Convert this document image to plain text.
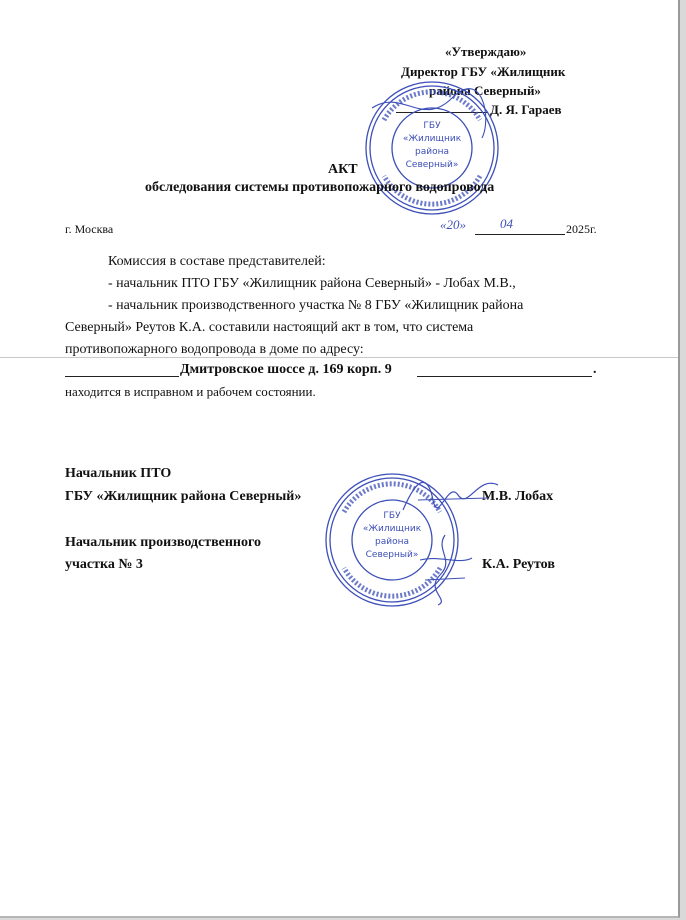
«Утверждаю»
Директор ГБУ «Жилищник
района Северный»
Д. Я. Гараев
ГБУ
«Жилищник
района
Северный»
АКТ
обследования системы противопожарного водопровода
г. Москва	«20»	04	2025г.
Комиссия в составе представителей:
- начальник ПТО ГБУ «Жилищник района Северный» - Лобах М.В.,
- начальник производственного участка № 8 ГБУ «Жилищник района
Северный» Реутов К.А. составили настоящий акт в том, что система
противопожарного водопровода в доме по адресу:
Дмитровское шоссе д. 169 корп. 9	.
находится в исправном и рабочем состоянии.
Начальник ПТО
ГБУ «Жилищник района Северный»	М.В. Лобах
Начальник производственного
участка № 3	К.А. Реутов
ГБУ
«Жилищник
района
Северный»
